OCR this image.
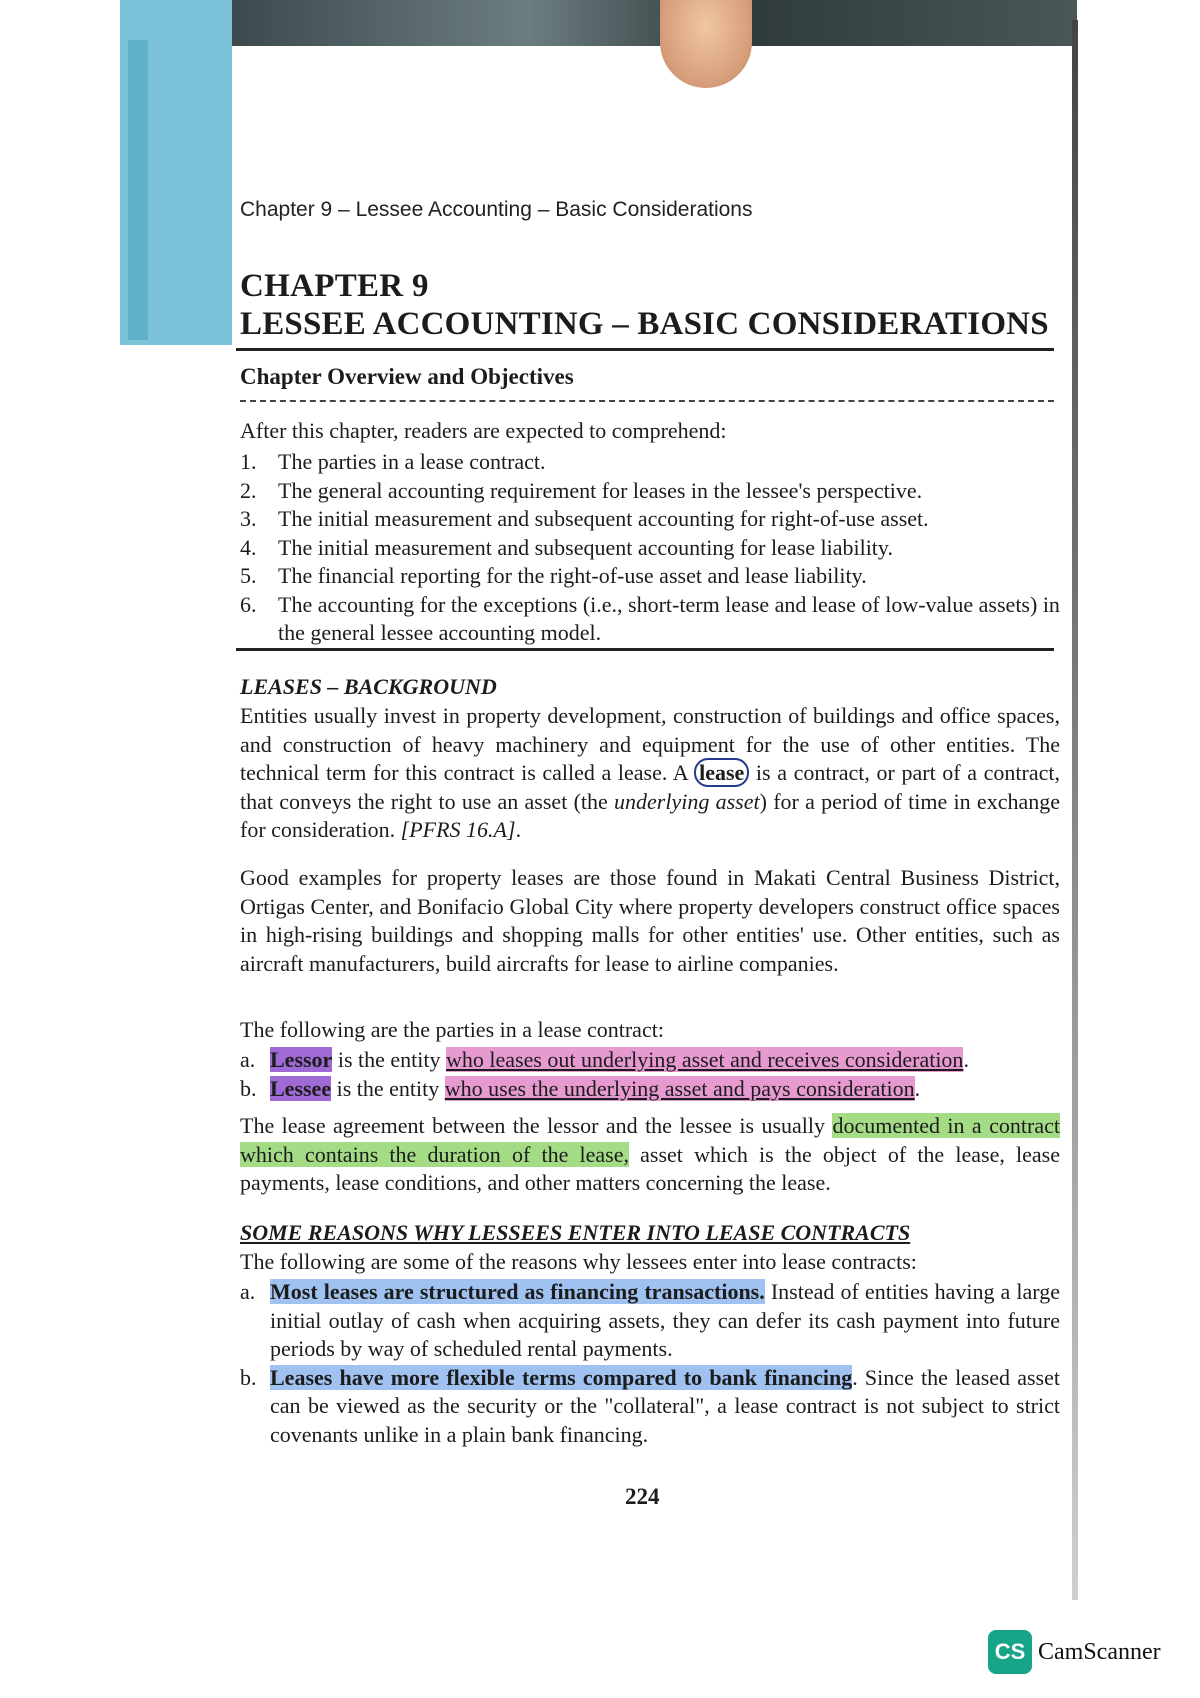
Chapter 9 – Lessee Accounting – Basic Considerations
CHAPTER 9
LESSEE ACCOUNTING – BASIC CONSIDERATIONS
Chapter Overview and Objectives
After this chapter, readers are expected to comprehend:
1. The parties in a lease contract.
2. The general accounting requirement for leases in the lessee's perspective.
3. The initial measurement and subsequent accounting for right-of-use asset.
4. The initial measurement and subsequent accounting for lease liability.
5. The financial reporting for the right-of-use asset and lease liability.
6. The accounting for the exceptions (i.e., short-term lease and lease of low-value assets) in the general lessee accounting model.
LEASES – BACKGROUND
Entities usually invest in property development, construction of buildings and office spaces, and construction of heavy machinery and equipment for the use of other entities. The technical term for this contract is called a lease. A lease is a contract, or part of a contract, that conveys the right to use an asset (the underlying asset) for a period of time in exchange for consideration. [PFRS 16.A].
Good examples for property leases are those found in Makati Central Business District, Ortigas Center, and Bonifacio Global City where property developers construct office spaces in high-rising buildings and shopping malls for other entities' use. Other entities, such as aircraft manufacturers, build aircrafts for lease to airline companies.
The following are the parties in a lease contract:
a. Lessor is the entity who leases out underlying asset and receives consideration.
b. Lessee is the entity who uses the underlying asset and pays consideration.
The lease agreement between the lessor and the lessee is usually documented in a contract which contains the duration of the lease, asset which is the object of the lease, lease payments, lease conditions, and other matters concerning the lease.
SOME REASONS WHY LESSEES ENTER INTO LEASE CONTRACTS
The following are some of the reasons why lessees enter into lease contracts:
a. Most leases are structured as financing transactions. Instead of entities having a large initial outlay of cash when acquiring assets, they can defer its cash payment into future periods by way of scheduled rental payments.
b. Leases have more flexible terms compared to bank financing. Since the leased asset can be viewed as the security or the "collateral", a lease contract is not subject to strict covenants unlike in a plain bank financing.
224
CS CamScanner
